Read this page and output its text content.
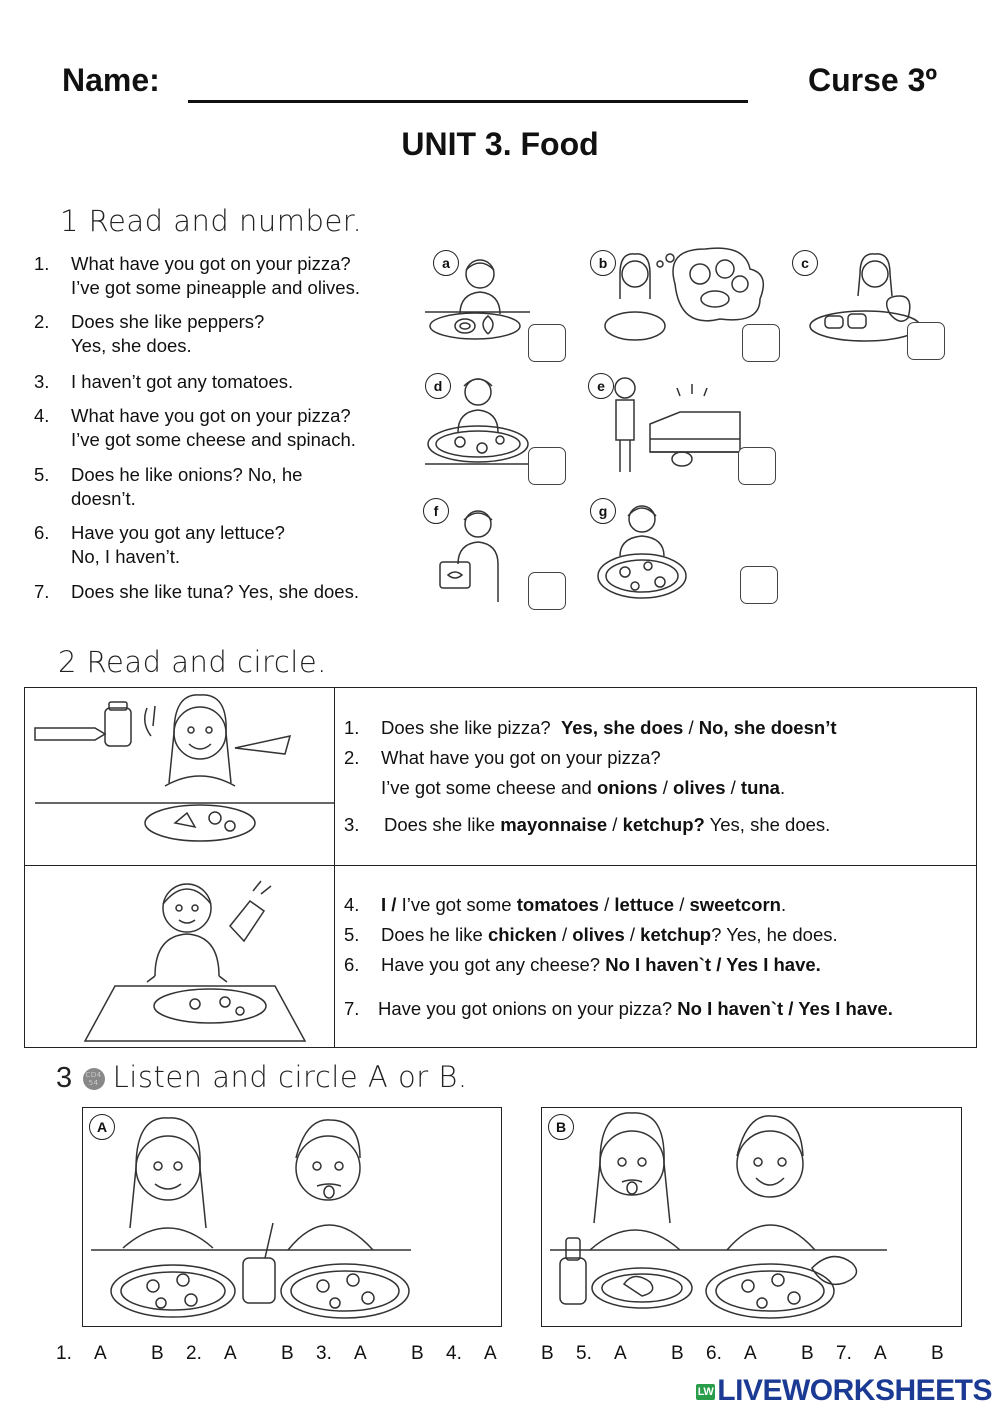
Name:	Curse 3º
UNIT 3. Food
1 Read and number.
1. What have you got on your pizza?
I’ve got some pineapple and olives.
2. Does she like peppers?
Yes, she does.
3. I haven’t got any tomatoes.
4. What have you got on your pizza?
I’ve got some cheese and spinach.
5. Does he like onions? No, he
doesn’t.
6. Have you got any lettuce?
No, I haven’t.
7. Does she like tuna? Yes, she does.
a	b	c
d	e
f	g
2 Read and circle.

1. Does she like pizza? Yes, she does / No, she doesn’t
2. What have you got on your pizza?
I’ve got some cheese and onions / olives / tuna.
3. Does she like mayonnaise / ketchup? Yes, she does.

4. I / I’ve got some tomatoes / lettuce / sweetcorn.
5. Does he like chicken / olives / ketchup? Yes, he does.
6. Have you got any cheese? No I haven`t / Yes I have.
7. Have you got onions on your pizza? No I haven`t / Yes I have.
3 CD4
54 Listen and circle A or B.
A	B
1. A B 2. A B 3. A B 4. A B 5. A B 6. A B 7. A B
LW LIVEWORKSHEETS
